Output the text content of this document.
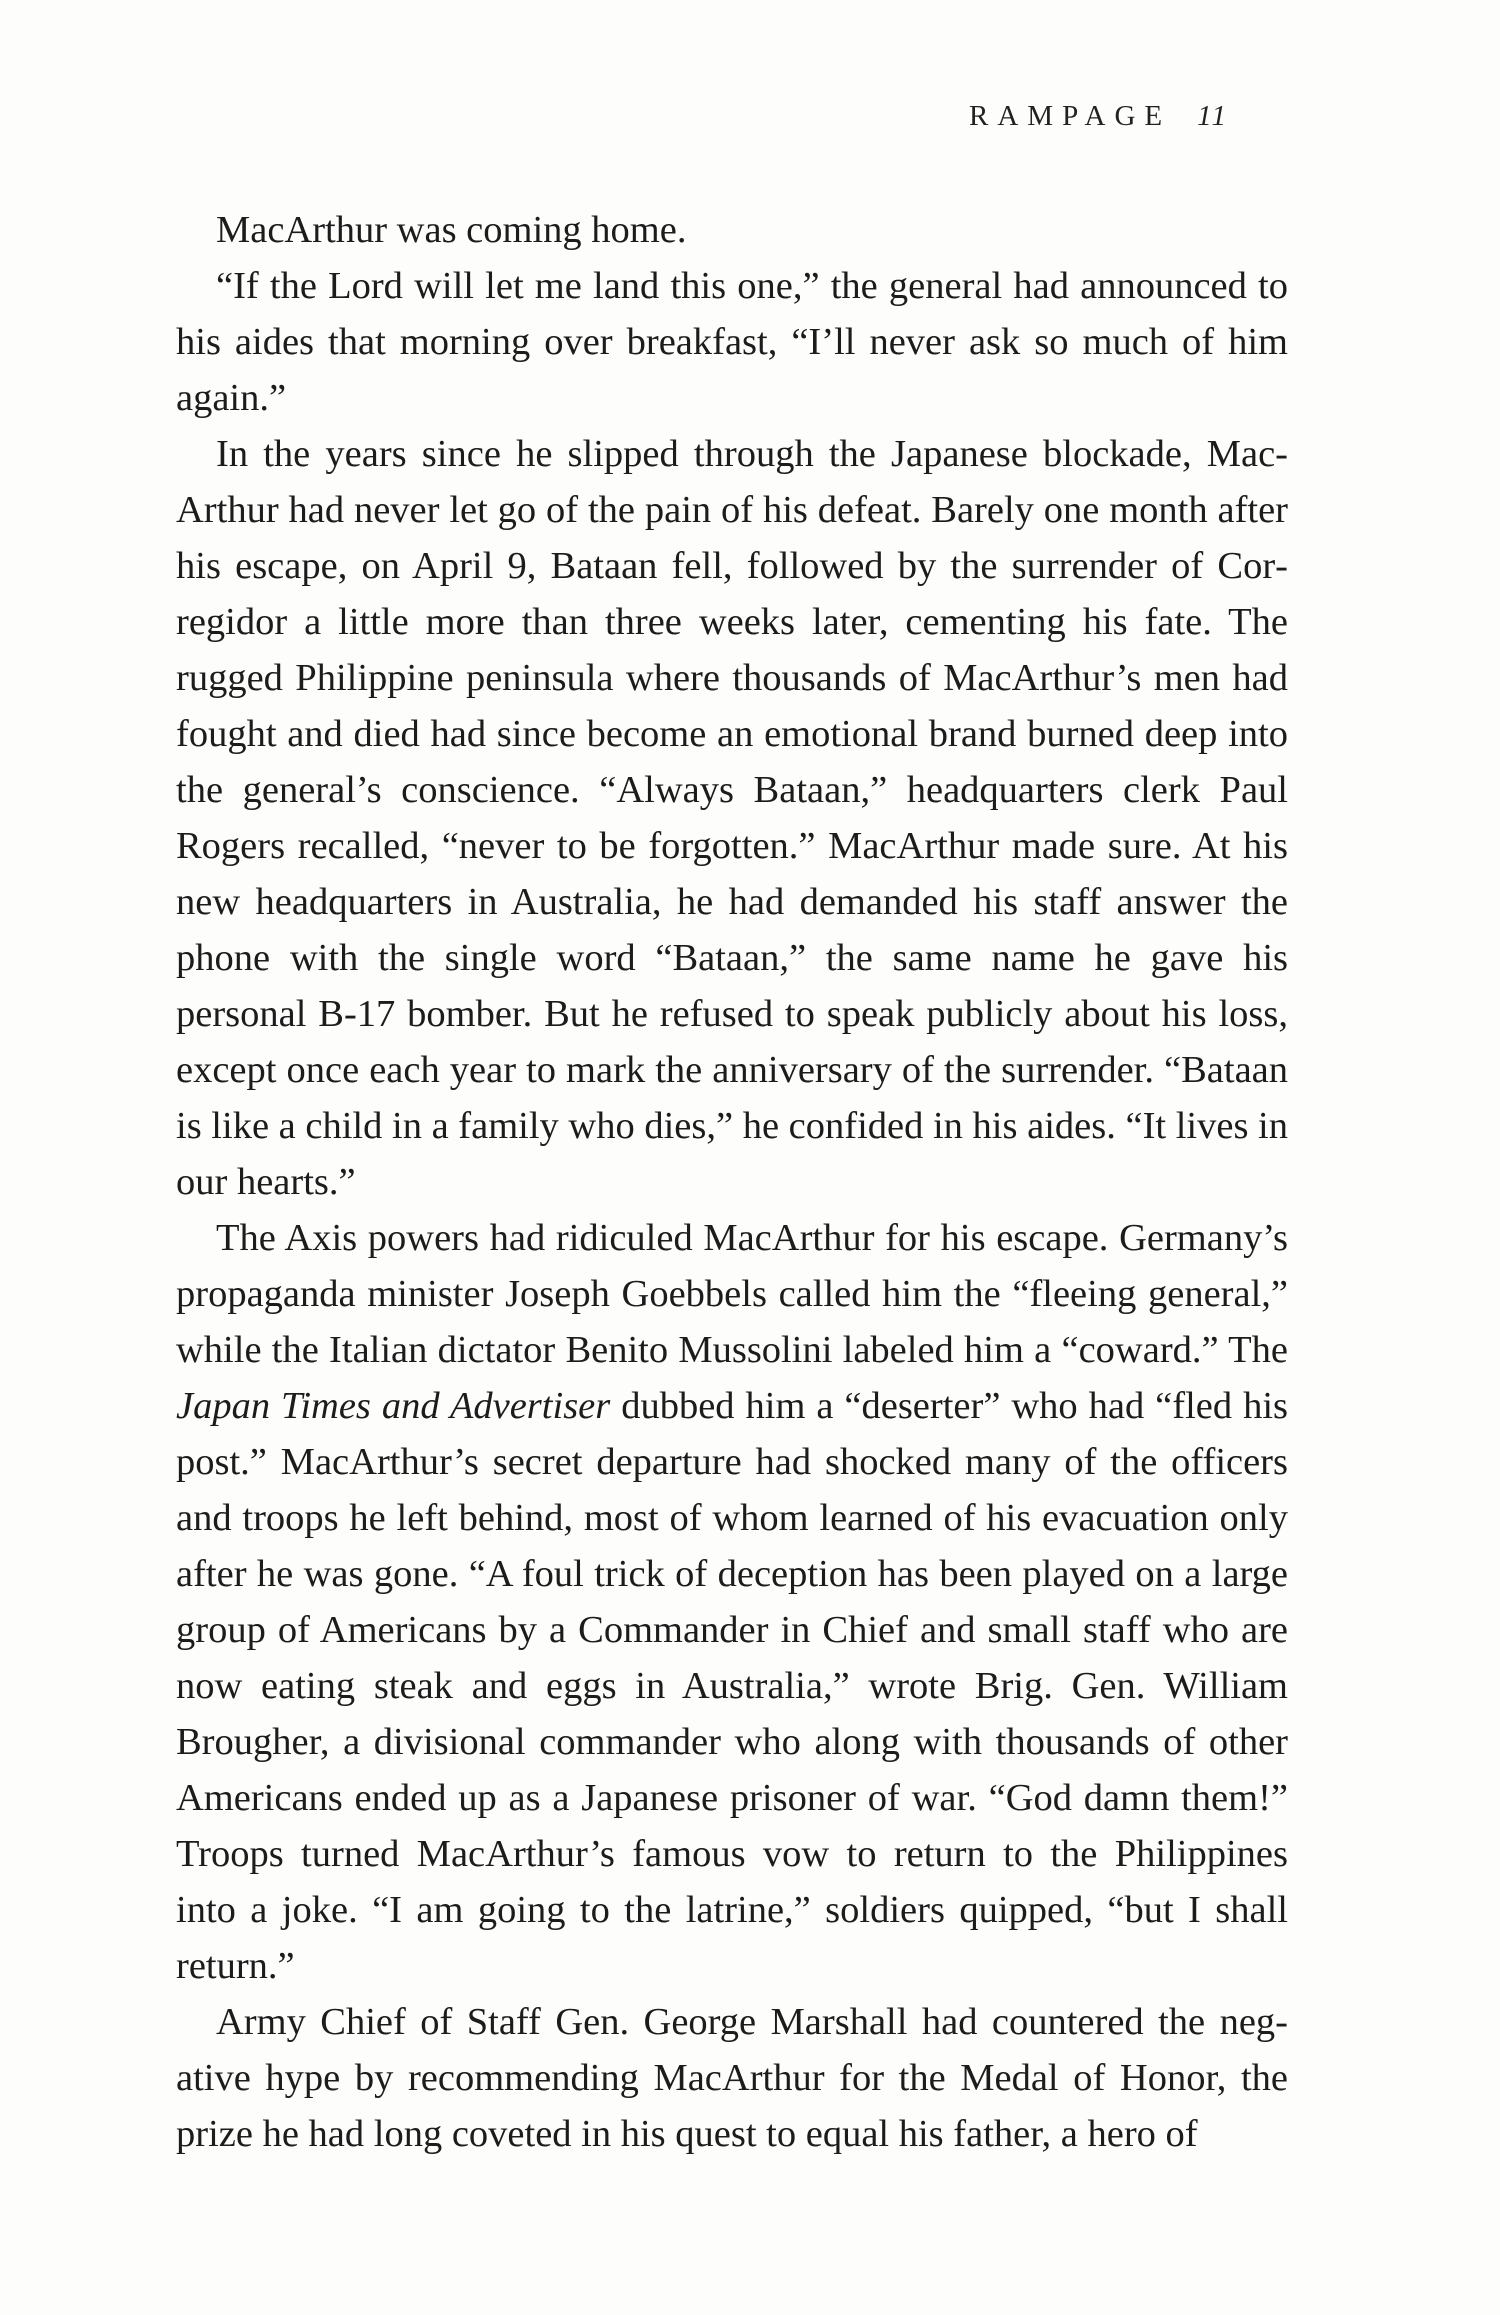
RAMPAGE 11

MacArthur was coming home.

“If the Lord will let me land this one,” the general had announced to his aides that morning over breakfast, “I’ll never ask so much of him again.”

In the years since he slipped through the Japanese blockade, MacArthur had never let go of the pain of his defeat. Barely one month after his escape, on April 9, Bataan fell, followed by the surrender of Corregidor a little more than three weeks later, cementing his fate. The rugged Philippine peninsula where thousands of MacArthur’s men had fought and died had since become an emotional brand burned deep into the general’s conscience. “Always Bataan,” headquarters clerk Paul Rogers recalled, “never to be forgotten.” MacArthur made sure. At his new headquarters in Australia, he had demanded his staff answer the phone with the single word “Bataan,” the same name he gave his personal B-17 bomber. But he refused to speak publicly about his loss, except once each year to mark the anniversary of the surrender. “Bataan is like a child in a family who dies,” he confided in his aides. “It lives in our hearts.”

The Axis powers had ridiculed MacArthur for his escape. Germany’s propaganda minister Joseph Goebbels called him the “fleeing general,” while the Italian dictator Benito Mussolini labeled him a “coward.” The Japan Times and Advertiser dubbed him a “deserter” who had “fled his post.” MacArthur’s secret departure had shocked many of the officers and troops he left behind, most of whom learned of his evacuation only after he was gone. “A foul trick of deception has been played on a large group of Americans by a Commander in Chief and small staff who are now eating steak and eggs in Australia,” wrote Brig. Gen. William Brougher, a divisional commander who along with thousands of other Americans ended up as a Japanese prisoner of war. “God damn them!” Troops turned MacArthur’s famous vow to return to the Philippines into a joke. “I am going to the latrine,” soldiers quipped, “but I shall return.”

Army Chief of Staff Gen. George Marshall had countered the negative hype by recommending MacArthur for the Medal of Honor, the prize he had long coveted in his quest to equal his father, a hero of
